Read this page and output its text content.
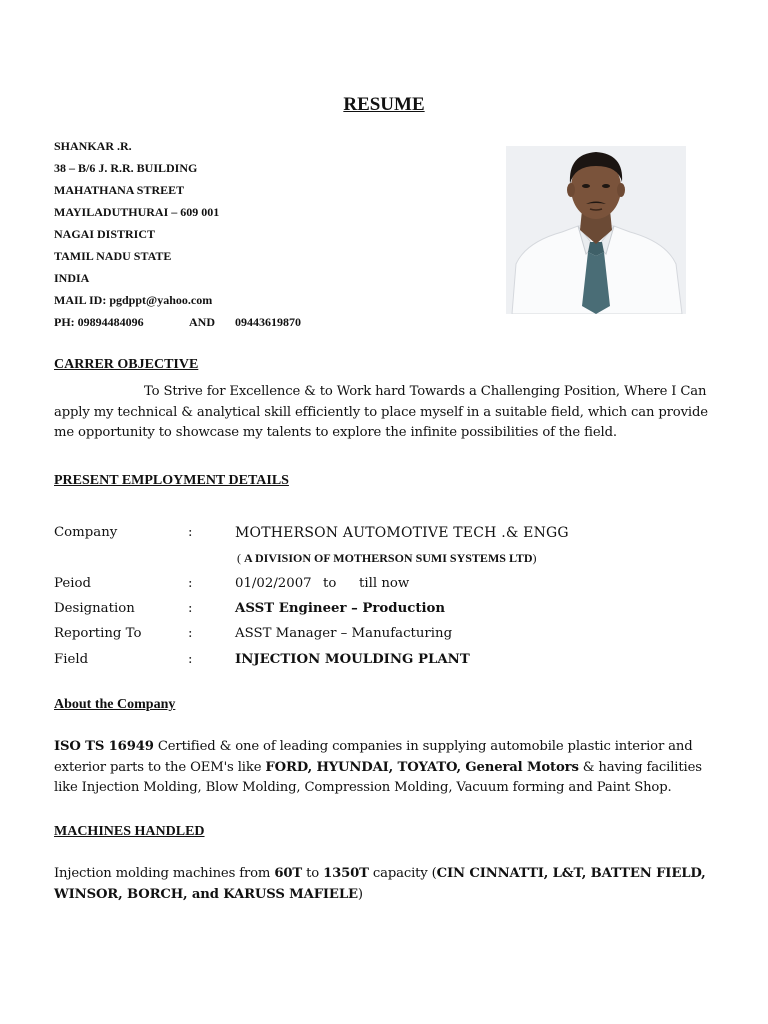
RESUME
SHANKAR .R.
38 – B/6 J. R.R. BUILDING
MAHATHANA STREET
MAYILADUTHURAI – 609 001
NAGAI DISTRICT
TAMIL NADU STATE
INDIA
MAIL ID: pgdppt@yahoo.com
PH: 09894484096	AND 09443619870
CARRER OBJECTIVE
To Strive for Excellence & to Work hard Towards a Challenging Position, Where I Can apply my technical & analytical skill efficiently to place myself in a suitable field, which can provide me opportunity to showcase my talents to explore the infinite possibilities of the field.
PRESENT EMPLOYMENT DETAILS
Company	:	MOTHERSON AUTOMOTIVE TECH .& ENGG
( A DIVISION OF MOTHERSON SUMI SYSTEMS LTD)
Peiod	:	01/02/2007 to till now
Designation	:	ASST Engineer – Production
Reporting To	:	ASST Manager – Manufacturing
Field	:	INJECTION MOULDING PLANT
About the Company
ISO TS 16949 Certified & one of leading companies in supplying automobile plastic interior and exterior parts to the OEM's like FORD, HYUNDAI, TOYATO, General Motors & having facilities like Injection Molding, Blow Molding, Compression Molding, Vacuum forming and Paint Shop.
MACHINES HANDLED
Injection molding machines from 60T to 1350T capacity (CIN CINNATTI, L&T, BATTEN FIELD, WINSOR, BORCH, and KARUSS MAFIELE)
